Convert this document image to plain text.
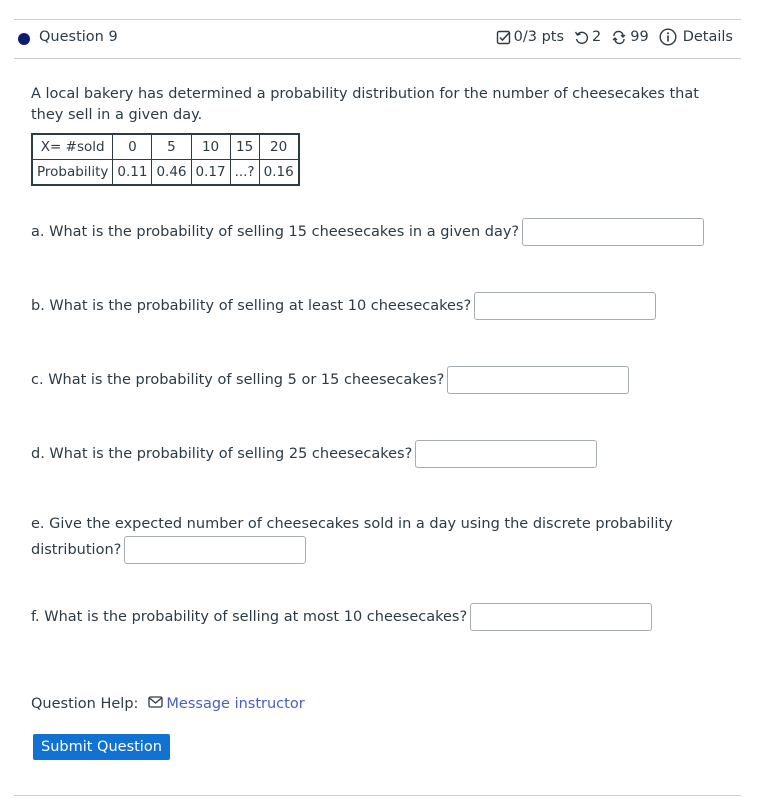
Question 9	0/3 pts 2 99 Details
A local bakery has determined a probability distribution for the number of cheesecakes that they sell in a given day.
X= #sold	0	5	10	15	20
Probability	0.11	0.46	0.17	...?	0.16
a. What is the probability of selling 15 cheesecakes in a given day?
b. What is the probability of selling at least 10 cheesecakes?
c. What is the probability of selling 5 or 15 cheesecakes?
d. What is the probability of selling 25 cheesecakes?
e. Give the expected number of cheesecakes sold in a day using the discrete probability distribution?
f. What is the probability of selling at most 10 cheesecakes?
Question Help: Message instructor
Submit Question
